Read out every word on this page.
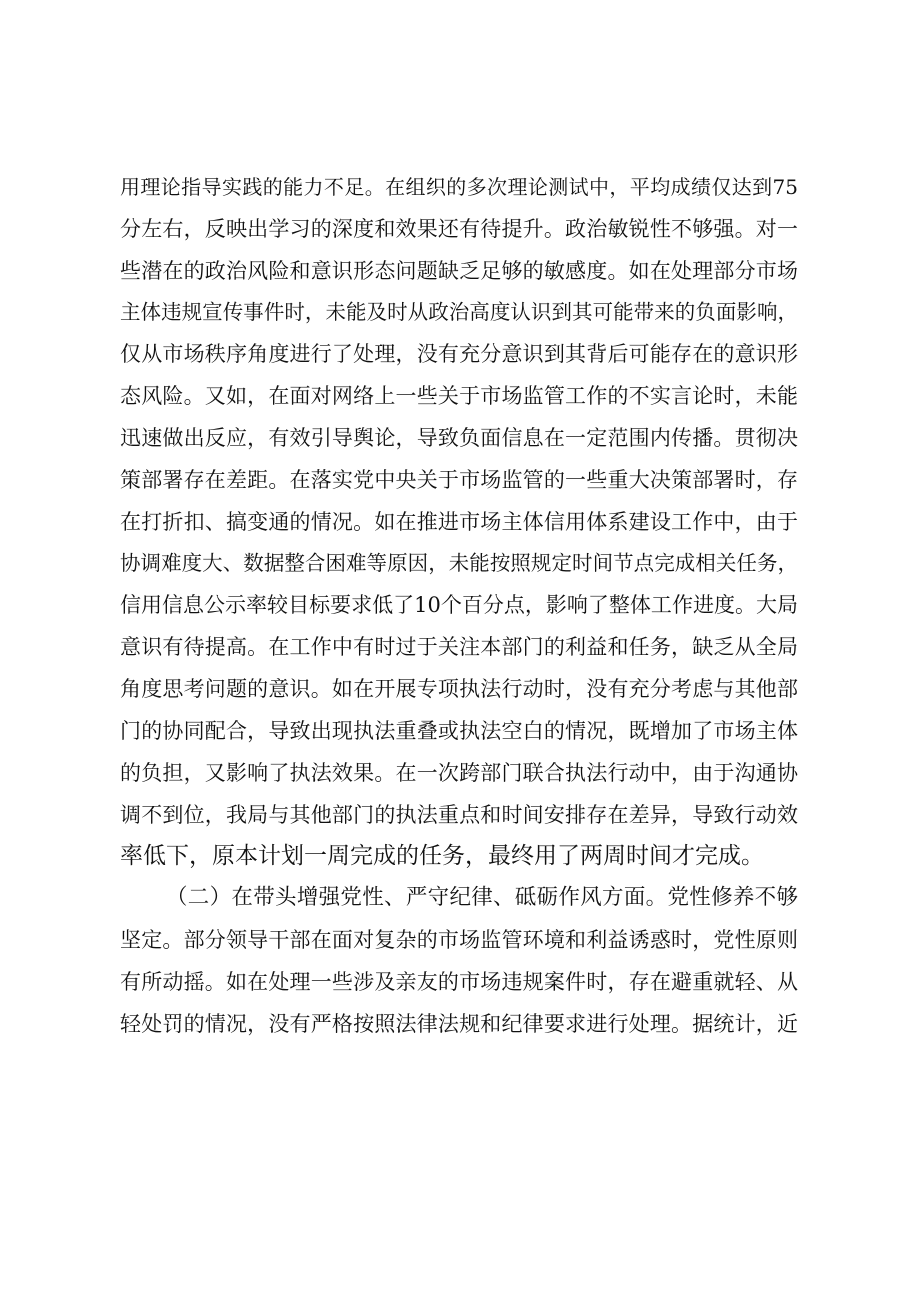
用理论指导实践的能力不足。在组织的多次理论测试中，平均成绩仅达到75
分左右，反映出学习的深度和效果还有待提升。政治敏锐性不够强。对一
些潜在的政治风险和意识形态问题缺乏足够的敏感度。如在处理部分市场
主体违规宣传事件时，未能及时从政治高度认识到其可能带来的负面影响，
仅从市场秩序角度进行了处理，没有充分意识到其背后可能存在的意识形
态风险。又如，在面对网络上一些关于市场监管工作的不实言论时，未能
迅速做出反应，有效引导舆论，导致负面信息在一定范围内传播。贯彻决
策部署存在差距。在落实党中央关于市场监管的一些重大决策部署时，存
在打折扣、搞变通的情况。如在推进市场主体信用体系建设工作中，由于
协调难度大、数据整合困难等原因，未能按照规定时间节点完成相关任务，
信用信息公示率较目标要求低了10个百分点，影响了整体工作进度。大局
意识有待提高。在工作中有时过于关注本部门的利益和任务，缺乏从全局
角度思考问题的意识。如在开展专项执法行动时，没有充分考虑与其他部
门的协同配合，导致出现执法重叠或执法空白的情况，既增加了市场主体
的负担，又影响了执法效果。在一次跨部门联合执法行动中，由于沟通协
调不到位，我局与其他部门的执法重点和时间安排存在差异，导致行动效
率低下，原本计划一周完成的任务，最终用了两周时间才完成。
（二）在带头增强党性、严守纪律、砥砺作风方面。党性修养不够
坚定。部分领导干部在面对复杂的市场监管环境和利益诱惑时，党性原则
有所动摇。如在处理一些涉及亲友的市场违规案件时，存在避重就轻、从
轻处罚的情况，没有严格按照法律法规和纪律要求进行处理。据统计，近
